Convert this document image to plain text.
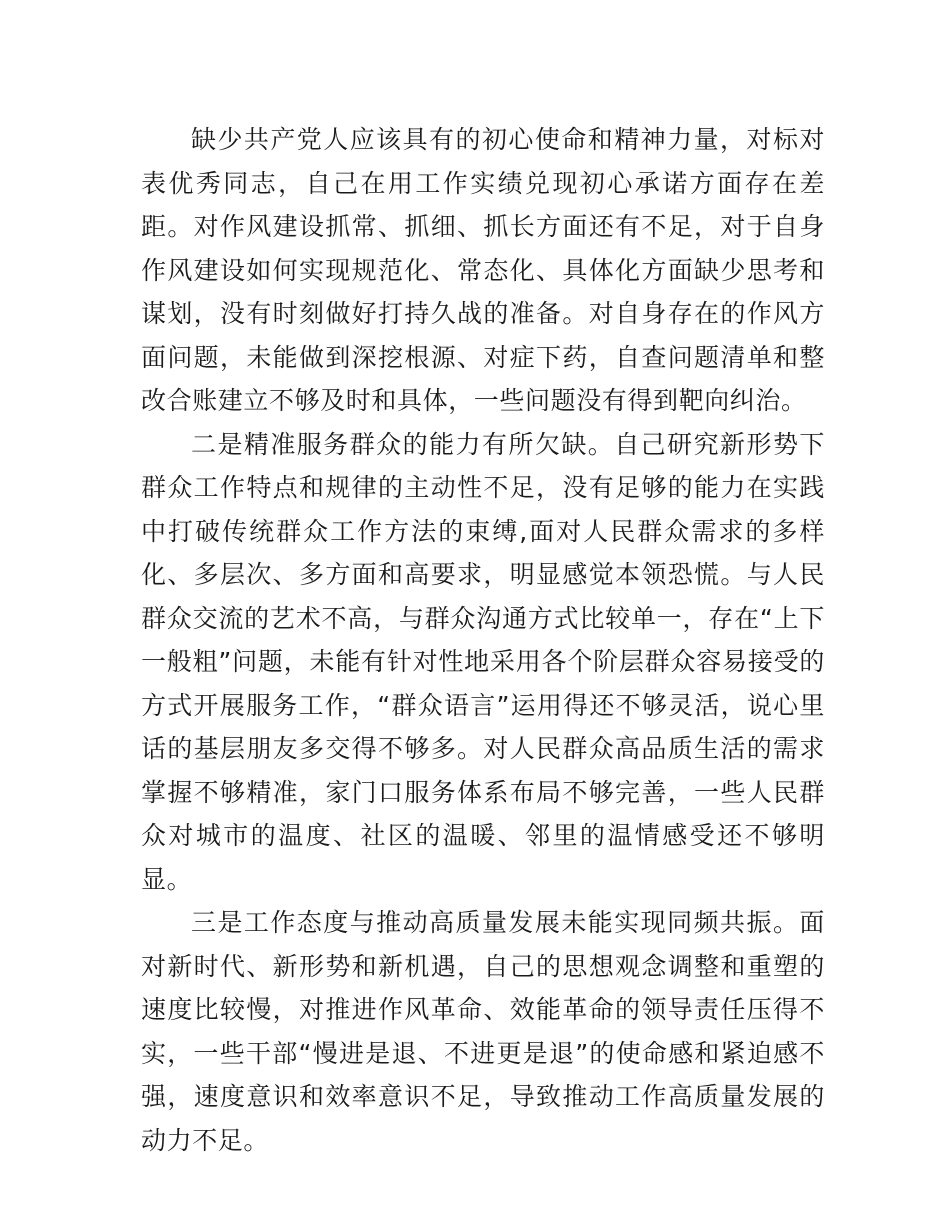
缺少共产党人应该具有的初心使命和精神力量，对标对表优秀同志，自己在用工作实绩兑现初心承诺方面存在差距。对作风建设抓常、抓细、抓长方面还有不足，对于自身作风建设如何实现规范化、常态化、具体化方面缺少思考和谋划，没有时刻做好打持久战的准备。对自身存在的作风方面问题，未能做到深挖根源、对症下药，自查问题清单和整改合账建立不够及时和具体，一些问题没有得到靶向纠治。

二是精准服务群众的能力有所欠缺。自己研究新形势下群众工作特点和规律的主动性不足，没有足够的能力在实践中打破传统群众工作方法的束缚,面对人民群众需求的多样化、多层次、多方面和高要求，明显感觉本领恐慌。与人民群众交流的艺术不高，与群众沟通方式比较单一，存在“上下一般粗”问题，未能有针对性地采用各个阶层群众容易接受的方式开展服务工作，“群众语言”运用得还不够灵活，说心里话的基层朋友多交得不够多。对人民群众高品质生活的需求掌握不够精准，家门口服务体系布局不够完善，一些人民群众对城市的温度、社区的温暖、邻里的温情感受还不够明显。

三是工作态度与推动高质量发展未能实现同频共振。面对新时代、新形势和新机遇，自己的思想观念调整和重塑的速度比较慢，对推进作风革命、效能革命的领导责任压得不实，一些干部“慢进是退、不进更是退”的使命感和紧迫感不强，速度意识和效率意识不足，导致推动工作高质量发展的动力不足。
